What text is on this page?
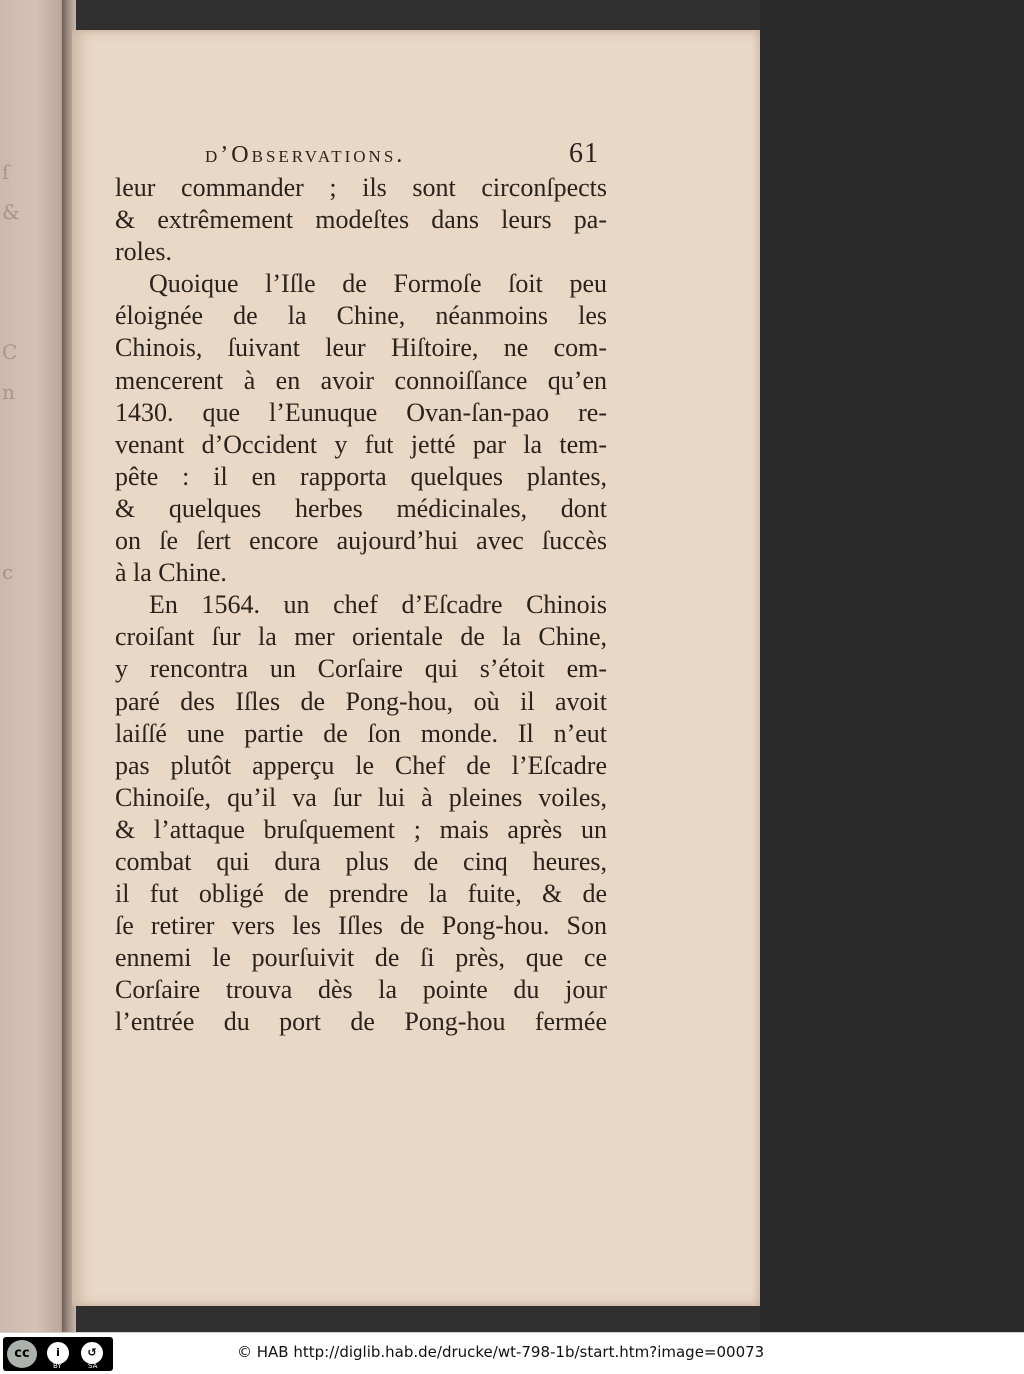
ſ
&
C
n
c
d’Observations.	61
leur commander ; ils sont circonſpects
& extrêmement modeſtes dans leurs pa-
roles.
Quoique l’Iſle de Formoſe ſoit peu
éloignée de la Chine, néanmoins les
Chinois, ſuivant leur Hiſtoire, ne com-
mencerent à en avoir connoiſſance qu’en
1430. que l’Eunuque Ovan-ſan-pao re-
venant d’Occident y fut jetté par la tem-
pête : il en rapporta quelques plantes,
& quelques herbes médicinales, dont
on ſe ſert encore aujourd’hui avec ſuccès
à la Chine.
En 1564. un chef d’Eſcadre Chinois
croiſant ſur la mer orientale de la Chine,
y rencontra un Corſaire qui s’étoit em-
paré des Iſles de Pong-hou, où il avoit
laiſſé une partie de ſon monde. Il n’eut
pas plutôt apperçu le Chef de l’Eſcadre
Chinoiſe, qu’il va ſur lui à pleines voiles,
& l’attaque bruſquement ; mais après un
combat qui dura plus de cinq heures,
il fut obligé de prendre la fuite, & de
ſe retirer vers les Iſles de Pong-hou. Son
ennemi le pourſuivit de ſi près, que ce
Corſaire trouva dès la pointe du jour
l’entrée du port de Pong-hou fermée
cc	i
BY
↺
SA
© HAB http://diglib.hab.de/drucke/wt-798-1b/start.htm?image=00073
